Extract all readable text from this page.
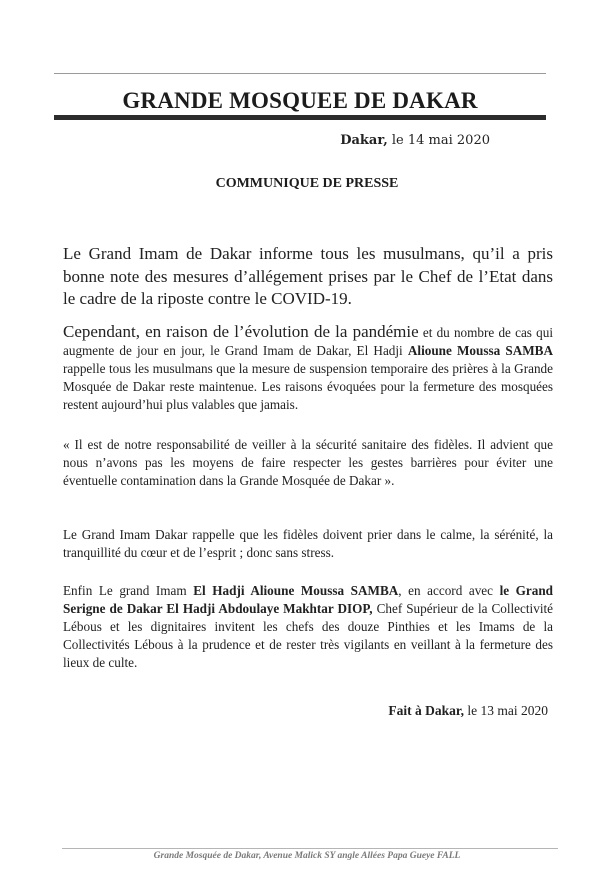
GRANDE MOSQUEE DE DAKAR
Dakar, le 14 mai 2020
COMMUNIQUE DE PRESSE
Le Grand Imam de Dakar informe tous les musulmans, qu’il a pris bonne note des mesures d’allégement prises par le Chef de l’Etat dans le cadre de la riposte contre le COVID-19.
Cependant, en raison de l’évolution de la pandémie et du nombre de cas qui augmente de jour en jour, le Grand Imam de Dakar, El Hadji Alioune Moussa SAMBA rappelle tous les musulmans que la mesure de suspension temporaire des prières à la Grande Mosquée de Dakar reste maintenue. Les raisons évoquées pour la fermeture des mosquées restent aujourd’hui plus valables que jamais.
« Il est de notre responsabilité de veiller à la sécurité sanitaire des fidèles. Il advient que nous n’avons pas les moyens de faire respecter les gestes barrières pour éviter une éventuelle contamination dans la Grande Mosquée de Dakar ».
Le Grand Imam Dakar rappelle que les fidèles doivent prier dans le calme, la sérénité, la tranquillité du cœur et de l’esprit ; donc sans stress.
Enfin Le grand Imam El Hadji Alioune Moussa SAMBA, en accord avec le Grand Serigne de Dakar El Hadji Abdoulaye Makhtar DIOP, Chef Supérieur de la Collectivité Lébous et les dignitaires invitent les chefs des douze Pinthies et les Imams de la Collectivités Lébous à la prudence et de rester très vigilants en veillant à la fermeture des lieux de culte.
Fait à Dakar, le 13 mai 2020
Grande Mosquée de Dakar, Avenue Malick SY angle Allées Papa Gueye FALL
